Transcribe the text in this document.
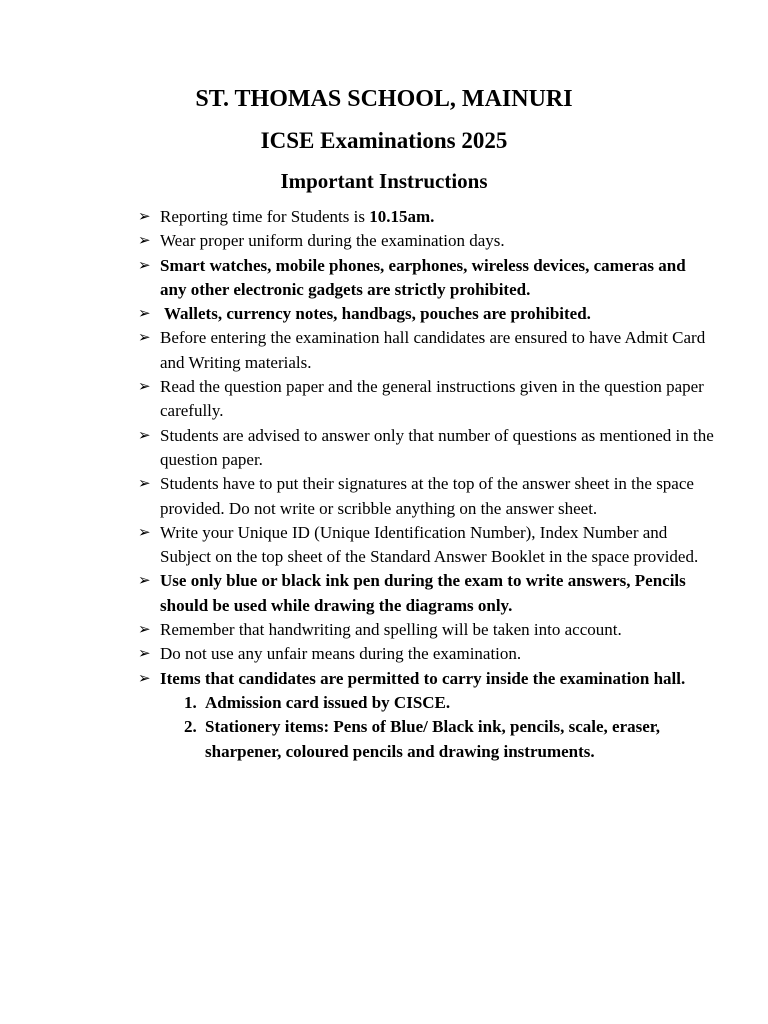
ST. THOMAS SCHOOL, MAINURI
ICSE Examinations 2025
Important Instructions
➢ Reporting time for Students is 10.15am.
➢ Wear proper uniform during the examination days.
➢ Smart watches, mobile phones, earphones, wireless devices, cameras and any other electronic gadgets are strictly prohibited.
➢ Wallets, currency notes, handbags, pouches are prohibited.
➢ Before entering the examination hall candidates are ensured to have Admit Card and Writing materials.
➢ Read the question paper and the general instructions given in the question paper carefully.
➢ Students are advised to answer only that number of questions as mentioned in the question paper.
➢ Students have to put their signatures at the top of the answer sheet in the space provided. Do not write or scribble anything on the answer sheet.
➢ Write your Unique ID (Unique Identification Number), Index Number and Subject on the top sheet of the Standard Answer Booklet in the space provided.
➢ Use only blue or black ink pen during the exam to write answers, Pencils should be used while drawing the diagrams only.
➢ Remember that handwriting and spelling will be taken into account.
➢ Do not use any unfair means during the examination.
➢ Items that candidates are permitted to carry inside the examination hall.
1. Admission card issued by CISCE.
2. Stationery items: Pens of Blue/ Black ink, pencils, scale, eraser, sharpener, coloured pencils and drawing instruments.
